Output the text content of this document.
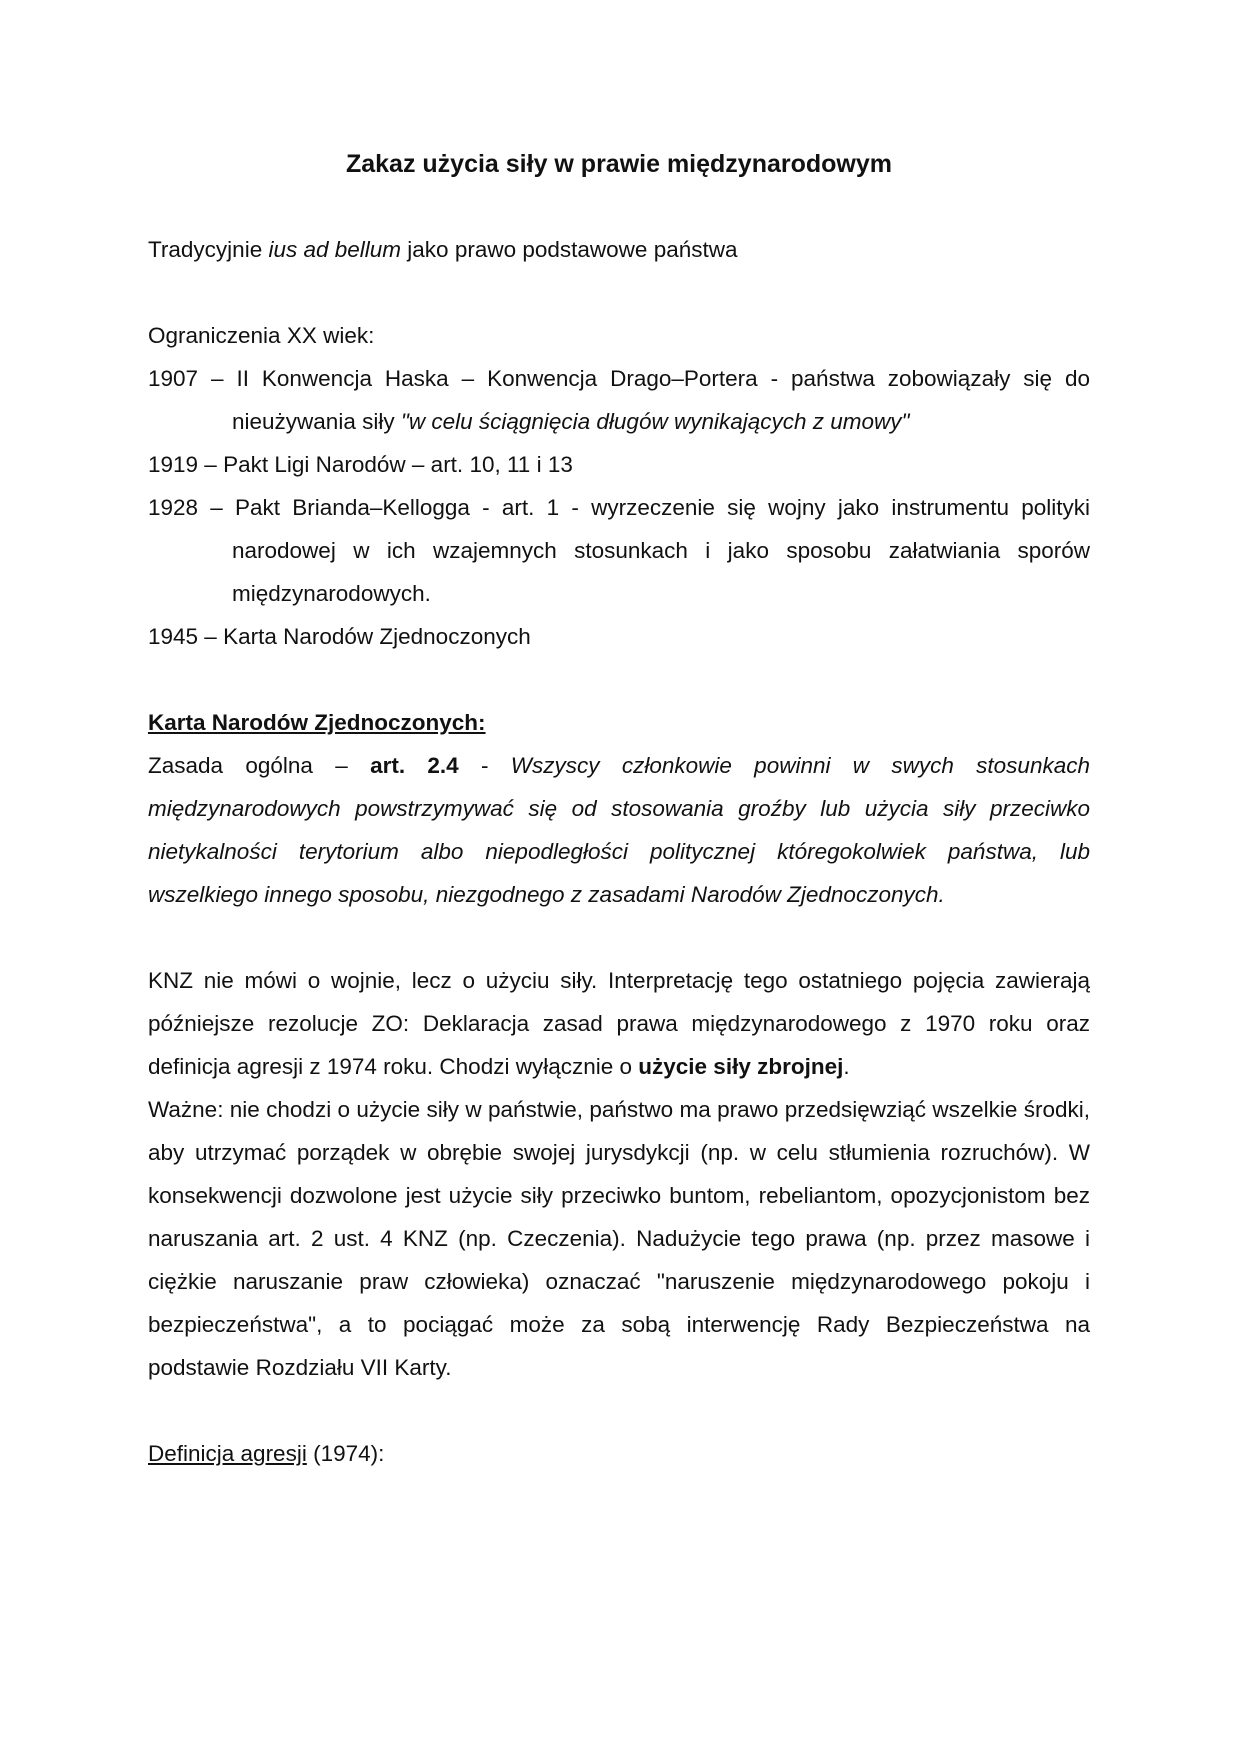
Zakaz użycia siły w prawie międzynarodowym

Tradycyjnie ius ad bellum jako prawo podstawowe państwa

Ograniczenia XX wiek:

1907 – II Konwencja Haska – Konwencja Drago–Portera - państwa zobowiązały się do nieużywania siły "w celu ściągnięcia długów wynikających z umowy"

1919 – Pakt Ligi Narodów – art. 10, 11 i 13

1928 – Pakt Brianda–Kellogga - art. 1 - wyrzeczenie się wojny jako instrumentu polityki narodowej w ich wzajemnych stosunkach i jako sposobu załatwiania sporów międzynarodowych.

1945 – Karta Narodów Zjednoczonych

Karta Narodów Zjednoczonych:

Zasada ogólna – art. 2.4 - Wszyscy członkowie powinni w swych stosunkach międzynarodowych powstrzymywać się od stosowania groźby lub użycia siły przeciwko nietykalności terytorium albo niepodległości politycznej któregokolwiek państwa, lub wszelkiego innego sposobu, niezgodnego z zasadami Narodów Zjednoczonych.

KNZ nie mówi o wojnie, lecz o użyciu siły. Interpretację tego ostatniego pojęcia zawierają późniejsze rezolucje ZO: Deklaracja zasad prawa międzynarodowego z 1970 roku oraz definicja agresji z 1974 roku. Chodzi wyłącznie o użycie siły zbrojnej.

Ważne: nie chodzi o użycie siły w państwie, państwo ma prawo przedsięwziąć wszelkie środki, aby utrzymać porządek w obrębie swojej jurysdykcji (np. w celu stłumienia rozruchów). W konsekwencji dozwolone jest użycie siły przeciwko buntom, rebeliantom, opozycjonistom bez naruszania art. 2 ust. 4 KNZ (np. Czeczenia). Nadużycie tego prawa (np. przez masowe i ciężkie naruszanie praw człowieka) oznaczać "naruszenie międzynarodowego pokoju i bezpieczeństwa", a to pociągać może za sobą interwencję Rady Bezpieczeństwa na podstawie Rozdziału VII Karty.

Definicja agresji (1974):
